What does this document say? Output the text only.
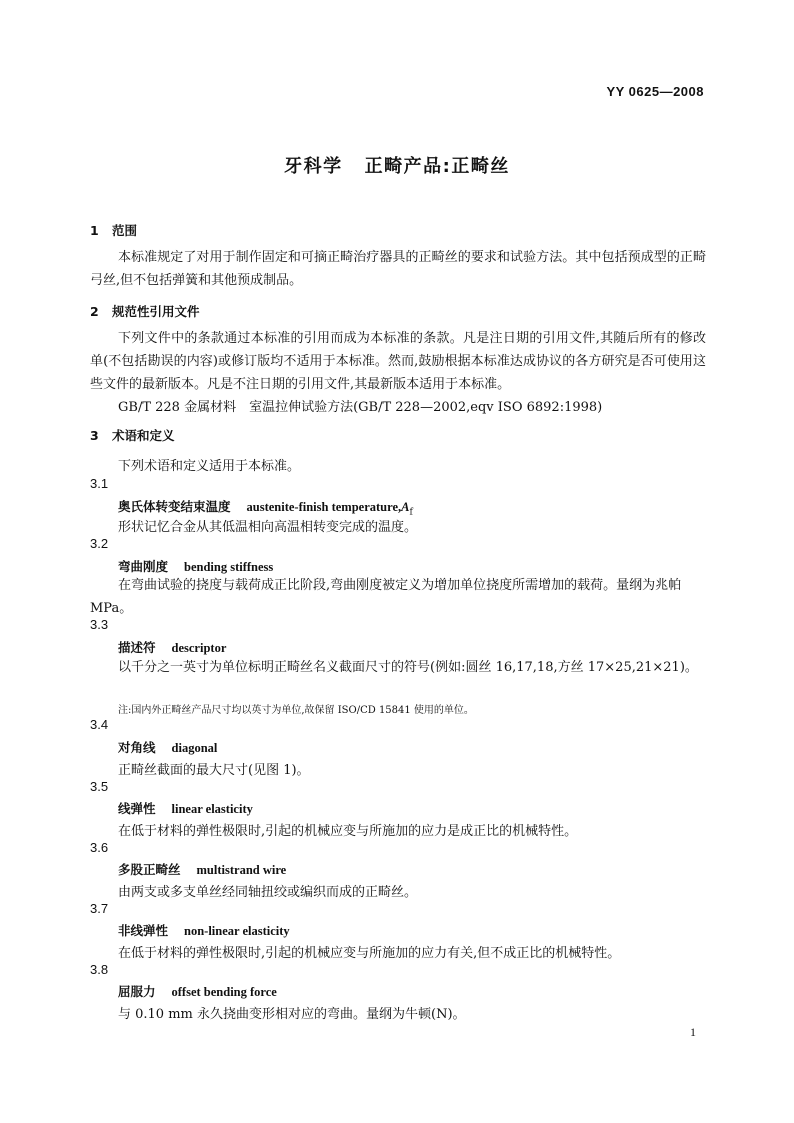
YY 0625—2008
牙科学 正畸产品:正畸丝
1 范围
本标准规定了对用于制作固定和可摘正畸治疗器具的正畸丝的要求和试验方法。其中包括预成型的正畸弓丝,但不包括弹簧和其他预成制品。
2 规范性引用文件
下列文件中的条款通过本标准的引用而成为本标准的条款。凡是注日期的引用文件,其随后所有的修改单(不包括勘误的内容)或修订版均不适用于本标准。然而,鼓励根据本标准达成协议的各方研究是否可使用这些文件的最新版本。凡是不注日期的引用文件,其最新版本适用于本标准。
GB/T 228 金属材料　室温拉伸试验方法(GB/T 228—2002,eqv ISO 6892:1998)
3 术语和定义
下列术语和定义适用于本标准。
3.1
奥氏体转变结束温度 austenite-finish $temperature,A_f$
形状记忆合金从其低温相向高温相转变完成的温度。
3.2
弯曲刚度 bending stiffness
在弯曲试验的挠度与载荷成正比阶段,弯曲刚度被定义为增加单位挠度所需增加的载荷。量纲为兆帕 MPa。
3.3
描述符 descriptor
以千分之一英寸为单位标明正畸丝名义截面尺寸的符号(例如:圆丝 16,17,18,方丝 17×25,21×21)。
注:国内外正畸丝产品尺寸均以英寸为单位,故保留 ISO/CD 15841 使用的单位。
3.4
对角线 diagonal
正畸丝截面的最大尺寸(见图 1)。
3.5
线弹性 linear elasticity
在低于材料的弹性极限时,引起的机械应变与所施加的应力是成正比的机械特性。
3.6
多股正畸丝 multistrand wire
由两支或多支单丝经同轴扭绞或编织而成的正畸丝。
3.7
非线弹性 non-linear elasticity
在低于材料的弹性极限时,引起的机械应变与所施加的应力有关,但不成正比的机械特性。
3.8
屈服力 offset bending force
与 0.10 mm 永久挠曲变形相对应的弯曲。量纲为牛顿(N)。
1
